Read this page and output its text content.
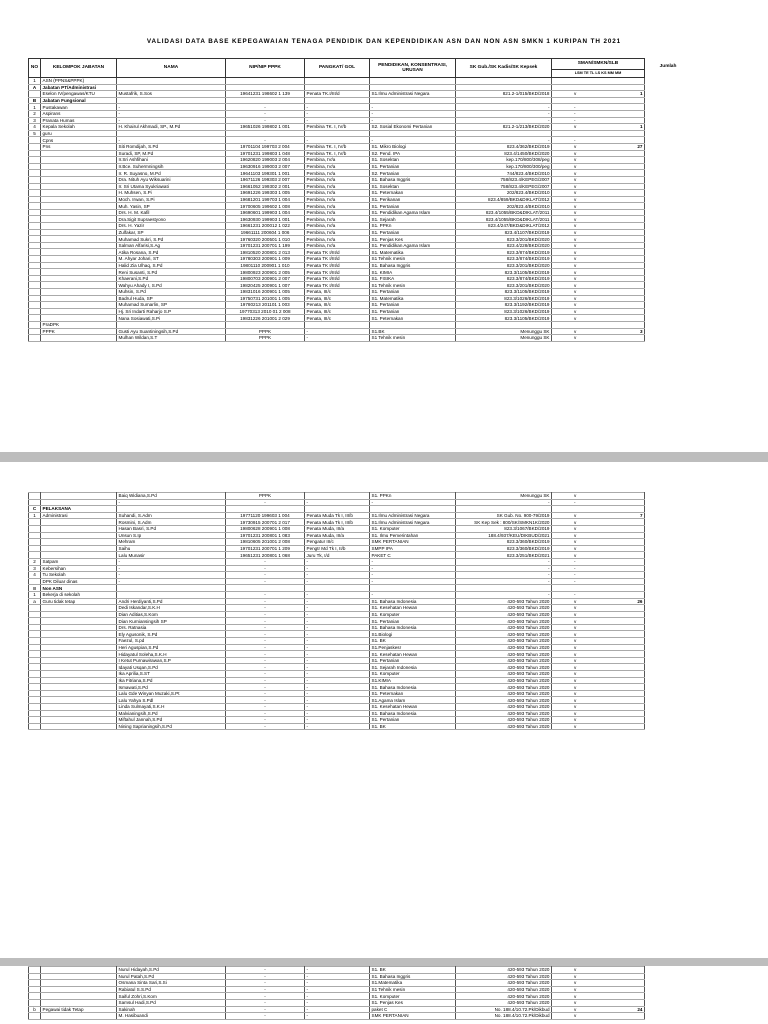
VALIDASI DATA BASE KEPEGAWAIAN TENAGA PENDIDIK DAN KEPENDIDIKAN ASN DAN NON ASN SMKN 1 KURIPAN TH 2021
NO	KELOMPOK JABATAN	NAMA	NIP/NIP PPPK	PANGKAT/ GOL	PENDIDIKAN, KONSENTRASI, URUSAN	SK Gub./SK Kadis/SK Kepsek	SMAN/SMKN/SLB
							LSM TE TL LS KS MM MM
1	ASN (PPNS&PPPK)						
A	Jabatan PT/Administrasi						
	Eselon IV/pengawas/KTU	Mustafrik, S.Sos	19641231 198602 1 139	Penata TK.I/III/d	S1.Ilmu Administrasi Negara	821.2-1/015/BKD/2018	v 1

B	Jabatan Fungsional						
1	Pustakawan	-	-	-	-	-	-
2	Aspirans	-	-	-	-	-	-
3	Pranata Humas	-	-	-	-	-	-
4	Kepala Sekolah	H. Khairul Akhmadi, SP., M.Pd	19651026 199802 1 001	Pembina TK. I, IV/b	S2. Sosial Ekonomi Pertanian	821.2-1/213/BKD/2020	v 1

5	guru						
	Cpns	-	-	-	-	-	-
	Pns	Siti Romdijah, S.Pd	19701104 199703 2 004	Pembina TK. I, IV/b	S1. Mikro Biologi	823.4/362/BKD/2019	v 27

		Suradi, SP, M.Pd	19701231 199803 1 048	Pembina TK. I, IV/b	S2. Pend. IPA	823.4/1450/BKD/2020	v
		Ir.Sri Ashfihani	19620820 199003 2 004	Pembina, IV/a	S1. Sosektan	kep.170/800/308/peg	v
		Ir.Bce. Suhermningsih	19630916 199003 2 007	Pembina, IV/a	S1. Pertanian	kep.170/800/300/peg	v
		Ir. R. Suyasno, M.Pd	19641103 199301 1 001	Pembina, IV/a	S2. Pertanian	744/823.4/BKD/2010	v
		Dra. Nituh Ayu Wiksuarini	19671126 199303 2 007	Pembina, IV/a	S1. Bahasa Inggris	758/823.4/KEPEG/2007	v
		Ir. Sri Utama Syukriawati	19661052 199302 2 001	Pembina, IV/a	S1. Sosektan	758/823.4/KEPEG/2007	v
		H. Muhsen, S.Pi	19691226 199303 1 005	Pembina, IV/a	S1. Peternakan	202/823.4/BKD/2010	v
		Moch. Irwan, S.Pi	19681201 199703 1 004	Pembina, IV/a	S1. Perikanan	823.4/859/BKD&DIKLAT/2012	v
		Muh. Yasin, SP	19700605 199602 1 008	Pembina, IV/a	S1. Pertanian	202/823.4/BKD/2010	v
		Drs. H. M. Kafil	19690601 199903 1 004	Pembina, IV/a	S1. Pendidikan Agama Islam	823.4/1055/BKD&DIKLAT/2011	v
		Dra.Sigit Supraestyono	19630930 199903 1 001	Pembina, IV/a	S1. Sejarah	823.4/1055/BKD&DIKLAT/2011	v
		Drs. H. Yazir	19661231 200012 1 022	Pembina, IV/a	S1. PPKn	823.4/247/BKD&DIKLAT/2012	v
		Zulfakar, SP	19661111 200604 1 006	Pembina, IV/a	S1. Pertanian	823.4/1107/BKD/2019	v
		Muhamad Sukri, S.Pd	19760320 200501 1 010	Pembina, IV/a	S1. Penjas Kes	823.3/201/BKD/2020	v
		Salman Alfarisi,S.Ag	19701231 200701 1 199	Pembina, IV/a	S1. Pendidikan Agama Islam	823.4/228/BKD/2020	v
		Atika Rosana, S.Pd	19810520 200801 2 013	Penata TK I/III/d	S1. Matematika	823.3/874/BKD/2019	v
		M. Ahyar Johari, ST	19780303 200901 1 009	Penata TK I/III/d	S1 Tehnik mesin	823.3/874/BKD/2019	v
		Halid Zia Ulhaq, S.Pd	19801110 200901 1 010	Penata TK I/III/d	S1. Bahasa Inggris	823.3/201/BKD/2020	v
		Reni Susanti, S.Pd	19800923 200901 2 005	Penata TK I/III/d	S1. KIMIA	823.3/1105/BKD/2019	v
		Khaerani,S.Pd	19800703 200901 2 007	Penata TK I/III/d	S1. FISIKA	823.3/874/BKD/2019	v
		Wahyu Ahady I, S.Pd	19820425 200901 1 007	Penata TK I/III/d	S1 Tehnik mesin	823.3/201/BKD/2020	v
		Muhsin, S.Pd	19831016 200901 1 005	Penata, III/c	S1. Pertanian	823.3/1105/BKD/2019	v
		Badrul Huda, SP	19750731 201001 1 005	Penata, III/c	S1. Matematika	823.3/1026/BKD/2019	v
		Muhamad Sumarlin, SP	19780213 201101 1 003	Penata, III/c	S1. Pertanian	823.3/1192/BKD/2019	v
		Hj. Sri Indarti Raharjo S.P	19770313 2010 01 2 008	Penata, III/c	S1. Pertanian	823.3/1026/BKD/2019	v
		Nana Sosiawati,S.Pi	19831226 201001 2 029	Penata, III/c	S1. Peternakan	823.3/1105/BKD/2019	v
	PraDPK						
	PPPK	Gusti Ayu Suantiningsih,S.Pd	PPPK	-	S1.BK	Menunggu SK	v 3

		Mulhan Wildan,S.T	PPPK	-	S1 Tehnik mesin	Menunggu SK	v
Jumlah
		Baiq Widiana,S.Pd	PPPK		S1. PPKn	Menunggu SK	v
		-	-	-	-	-	-
C	PELAKSANA						
1	Administrasi	Suhandi, S.Adm	19771120 199603 1 004	Penata Muda Tk I, III/b	S1.Ilmu Administrasi Negara	SK Gub. No. 900-79/2019	v 7

		Rosmini, S.Adm	19730915 200701 2 017	Penata Muda Tk I, III/b	S1.Ilmu Administrasi Negara	SK Kep Sek : 800/SK/SMKN1K/2020	v
		Hasan Basri, S.Pd	19800628 200901 1 008	Penata Muda, III/a	S1. Komputer	823.3/1067/BKD/2019	v
		Unsun S.Ip	19701231 200801 1 083	Penata Muda, III/a	S1. Ilmu Pemerintahan	188.4/937/KEU/DIKBUD/2021	v
		Mehram	19810605 201001 2 008	Pengatur III/c	SMK PERTANIAN	823.3/360/BKD/2019	v
		Saihu	19701231 200701 1 209	Pengtr Md Tk I, II/b	SMPP IPA	823.3/360/BKD/2019	v
		Lalu Munasir	19651231 200801 1 068	Juru Tk, I/d	PAKET C	823.3/251/BKD/2021	v
2	Satpam	-	-	-	-	-	-
3	Kebersihan	-	-	-	-	-	-
4	Tu Sekolah	-	-	-	-	-	-
	DPK Diluar dinas	-	-	-	-	-	-
II	Non ASN						
1	Bekerja di sekolah		-	-	-	-	-
a	Guru tidak tetap	Andri Herdiyanti,S.Pd	-	-	S1. Bahasa Indonesia	420-593 Tahun 2020	v 26

		Dedi Iskandar,S.K.H	-	-	S1. Kesehatan Hewan	420-593 Tahun 2020	v
		Dian Aditias,S.Kom	-	-	S1. Komputer	420-593 Tahun 2020	v
		Dian Kurniansingsih SP	-	-	S1. Pertanian	420-593 Tahun 2020	v
		Drs. Ratnasia	-	-	S1. Bahasa Indonesia	420-593 Tahun 2020	v
		Ely Agusonik, S.Pd	-	-	S1.Biologi	420-593 Tahun 2020	v
		Faezul, S.pd	-	-	S1. BK	420-593 Tahun 2020	v
		Heri Aguspian,S.Pd	-	-	S1.Penjaskesr	420-593 Tahun 2020	v
		Hidayatul Soleha,S.K.H	-	-	S1. Kesehatan Hewan	420-593 Tahun 2020	v
		I Ketut Purnawirawan,S.P	-	-	S1. Pertanian	420-593 Tahun 2020	v
		Idayati Usqan,S.Pd	-	-	S1. Sejarah Indonesia	420-593 Tahun 2020	v
		Ika Aprilia,S.ST	-	-	S1. Komputer	420-593 Tahun 2020	v
		Ika Fitriana,S.Pd	-	-	S1.KIMIA	420-593 Tahun 2020	v
		Ismawati,S.Pd	-	-	S1. Bahasa Indonesia	420-593 Tahun 2020	v
		Lalu Gde Winyan Muzaki,S.Pt	-	-	S1. Peternakan	420-593 Tahun 2020	v
		Lalu Yahya S.Pdl	-	-	S1.Agama Islam	420-593 Tahun 2020	v
		Linda Sulmayati,S.K.H	-	-	S1. Kesehatan Hewan	420-593 Tahun 2020	v
		Malvianingsih,S.Pd	-	-	S1. Bahasa Indonesia	420-593 Tahun 2020	v
		Miftahul Jannah,S.Pd	-	-	S1. Pertanian	420-593 Tahun 2020	v
		Nining Saprianingsih,S.Pd	-	-	S1. BK	420-593 Tahun 2020	v
		Nurul Hidayah,S.Pd	-	-	S1. BK	420-593 Tahun 2020	v
		Nurul Patah,S.Pd	-	-	S1. Bahasa Inggris	420-593 Tahun 2020	v
		Osmana Sinta Sari,S.Si	-	-	S1.Matematika	420-593 Tahun 2020	v
		Rabiatul S.S.Pd	-	-	S1 Tehnik mesin	420-593 Tahun 2020	v
		Saiful Zohri,S.Kom	-	-	S1. Komputer	420-593 Tahun 2020	v
		Samsul Hadi,S.Pd	-	-	S1. Penjas Kes	420-593 Tahun 2020	v
b	Pegawai tidak Tetap	Sakinah	-	-	paket C	No. 188.4/10.72.Pk/Dikbud	v 24

		M. Hasibuandi	-	-	SMK PERTANIAN	No. 188.4/10.72.Pk/Dikbud	v
